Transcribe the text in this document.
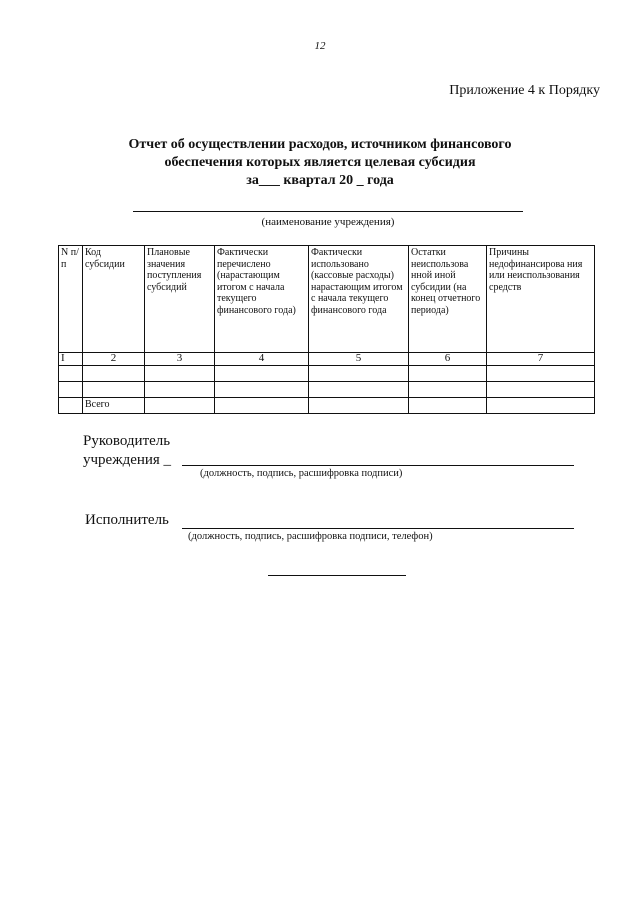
12
Приложение 4 к Порядку
Отчет об осуществлении расходов, источником финансового
обеспечения которых является целевая субсидия
за___ квартал 20 _ года
(наименование учреждения)
N п/ п	Код субсидии	Плановые значения поступления субсидий	Фактически перечислено (нарастающим итогом с начала текущего финансового года)	Фактически использовано (кассовые расходы) нарастающим итогом с начала текущего финансового года	Остатки неиспользова нной иной субсидии (на конец отчетного периода)	Причины недофинансирова ния или неиспользования средств
I	2	3	4	5	6	7

	Всего					
Руководитель
учреждения _
(должность, подпись, расшифровка подписи)
Исполнитель
(должность, подпись, расшифровка подписи, телефон)
